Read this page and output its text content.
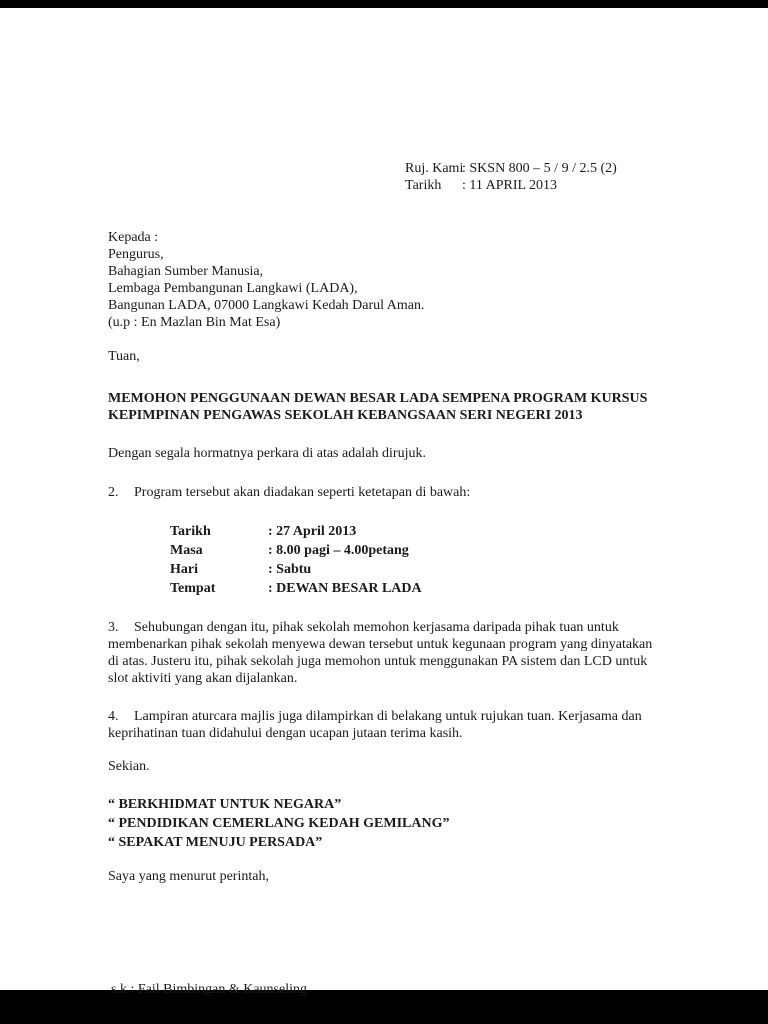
Ruj. Kami: SKSN 800 – 5 / 9 / 2.5 (2)
Tarikh : 11 APRIL 2013
Kepada :
Pengurus,
Bahagian Sumber Manusia,
Lembaga Pembangunan Langkawi (LADA),
Bangunan LADA, 07000 Langkawi Kedah Darul Aman.
(u.p : En Mazlan Bin Mat Esa)
Tuan,
MEMOHON PENGGUNAAN DEWAN BESAR LADA SEMPENA PROGRAM KURSUS KEPIMPINAN PENGAWAS SEKOLAH KEBANGSAAN SERI NEGERI 2013
Dengan segala hormatnya perkara di atas adalah dirujuk.
2. Program tersebut akan diadakan seperti ketetapan di bawah:
Tarikh	: 27 April 2013
Masa	: 8.00 pagi – 4.00petang
Hari	: Sabtu
Tempat	: DEWAN BESAR LADA
3. Sehubungan dengan itu, pihak sekolah memohon kerjasama daripada pihak tuan untuk membenarkan pihak sekolah menyewa dewan tersebut untuk kegunaan program yang dinyatakan di atas. Justeru itu, pihak sekolah juga memohon untuk menggunakan PA sistem dan LCD untuk slot aktiviti yang akan dijalankan.
4. Lampiran aturcara majlis juga dilampirkan di belakang untuk rujukan tuan. Kerjasama dan keprihatinan tuan didahului dengan ucapan jutaan terima kasih.
Sekian.
“ BERKHIDMAT UNTUK NEGARA”
“ PENDIDIKAN CEMERLANG KEDAH GEMILANG”
“ SEPAKAT MENUJU PERSADA”
Saya yang menurut perintah,
s.k : Fail Bimbingan & Kaunseling
